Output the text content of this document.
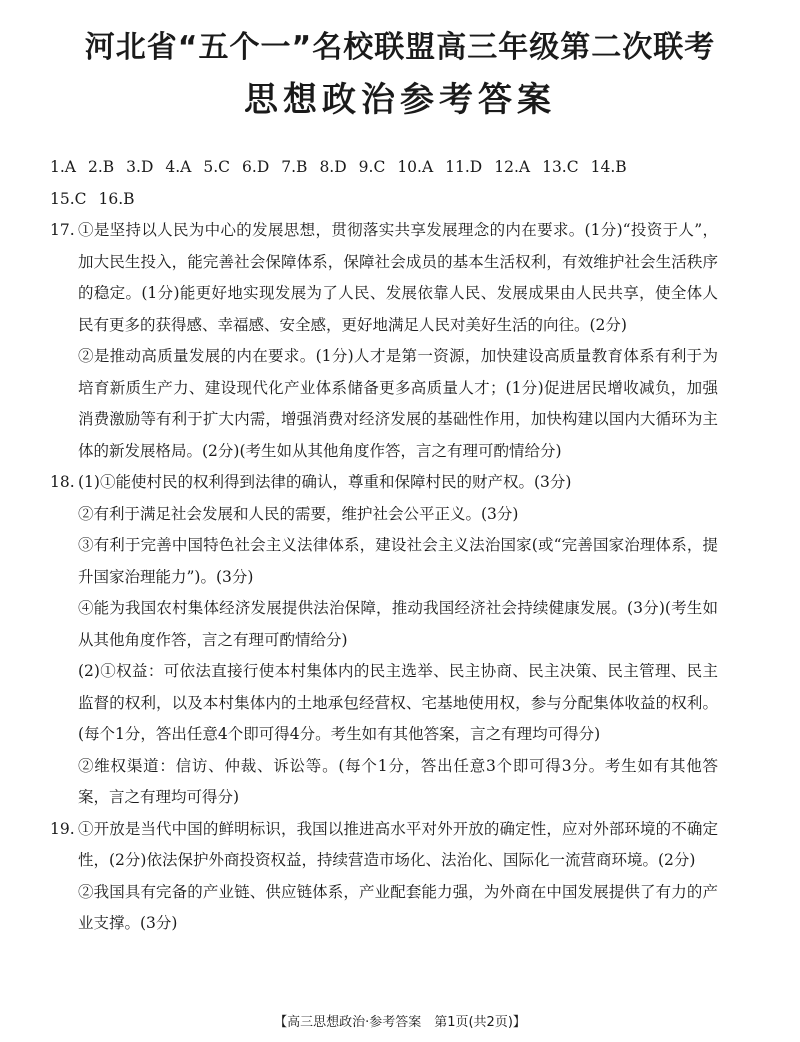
河北省“五个一”名校联盟高三年级第二次联考
思想政治参考答案
1.A 2.B 3.D 4.A 5.C 6.D 7.B 8.D 9.C 10.A 11.D 12.A 13.C 14.B
15.C 16.B
17. ①是坚持以人民为中心的发展思想，贯彻落实共享发展理念的内在要求。(1分)“投资于人”，加大民生投入，能完善社会保障体系，保障社会成员的基本生活权利，有效维护社会生活秩序的稳定。(1分)能更好地实现发展为了人民、发展依靠人民、发展成果由人民共享，使全体人民有更多的获得感、幸福感、安全感，更好地满足人民对美好生活的向往。(2分)

②是推动高质量发展的内在要求。(1分)人才是第一资源，加快建设高质量教育体系有利于为培育新质生产力、建设现代化产业体系储备更多高质量人才；(1分)促进居民增收减负，加强消费激励等有利于扩大内需，增强消费对经济发展的基础性作用，加快构建以国内大循环为主体的新发展格局。(2分)(考生如从其他角度作答，言之有理可酌情给分)

18. (1)①能使村民的权利得到法律的确认，尊重和保障村民的财产权。(3分)

②有利于满足社会发展和人民的需要，维护社会公平正义。(3分)

③有利于完善中国特色社会主义法律体系，建设社会主义法治国家(或“完善国家治理体系，提升国家治理能力”)。(3分)

④能为我国农村集体经济发展提供法治保障，推动我国经济社会持续健康发展。(3分)(考生如从其他角度作答，言之有理可酌情给分)

(2)①权益：可依法直接行使本村集体内的民主选举、民主协商、民主决策、民主管理、民主监督的权利，以及本村集体内的土地承包经营权、宅基地使用权，参与分配集体收益的权利。(每个1分，答出任意4个即可得4分。考生如有其他答案，言之有理均可得分)

②维权渠道：信访、仲裁、诉讼等。(每个1分，答出任意3个即可得3分。考生如有其他答案，言之有理均可得分)

19. ①开放是当代中国的鲜明标识，我国以推进高水平对外开放的确定性，应对外部环境的不确定性，(2分)依法保护外商投资权益，持续营造市场化、法治化、国际化一流营商环境。(2分)

②我国具有完备的产业链、供应链体系，产业配套能力强，为外商在中国发展提供了有力的产业支撑。(3分)

【高三思想政治·参考答案　第1页(共2页)】
